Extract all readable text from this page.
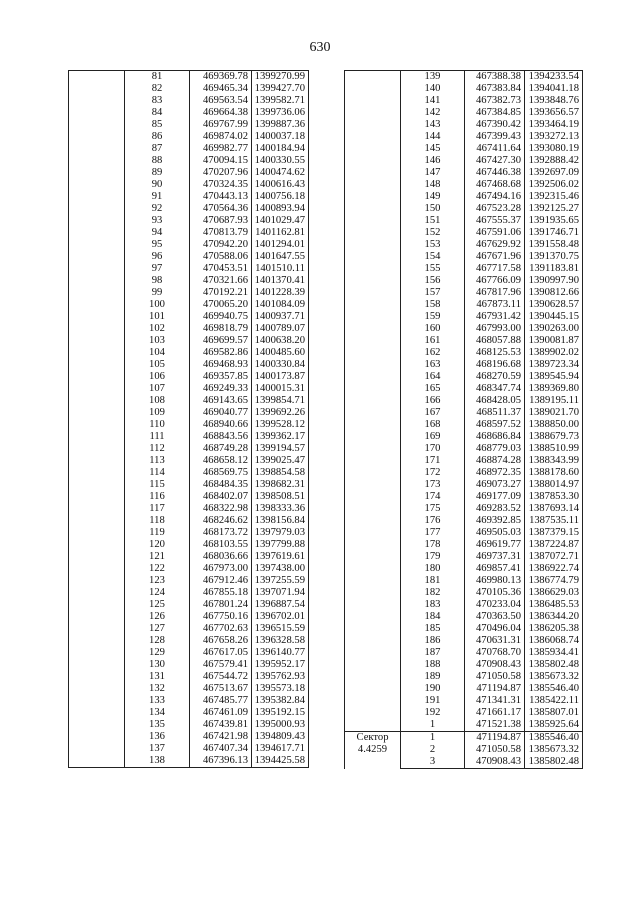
630
	81	469369.78	1399270.99
	82	469465.34	1399427.70
	83	469563.54	1399582.71
	84	469664.38	1399736.06
	85	469767.99	1399887.36
	86	469874.02	1400037.18
	87	469982.77	1400184.94
	88	470094.15	1400330.55
	89	470207.96	1400474.62
	90	470324.35	1400616.43
	91	470443.13	1400756.18
	92	470564.36	1400893.94
	93	470687.93	1401029.47
	94	470813.79	1401162.81
	95	470942.20	1401294.01
	96	470588.06	1401647.55
	97	470453.51	1401510.11
	98	470321.66	1401370.41
	99	470192.21	1401228.39
	100	470065.20	1401084.09
	101	469940.75	1400937.71
	102	469818.79	1400789.07
	103	469699.57	1400638.20
	104	469582.86	1400485.60
	105	469468.93	1400330.84
	106	469357.85	1400173.87
	107	469249.33	1400015.31
	108	469143.65	1399854.71
	109	469040.77	1399692.26
	110	468940.66	1399528.12
	111	468843.56	1399362.17
	112	468749.28	1399194.57
	113	468658.12	1399025.47
	114	468569.75	1398854.58
	115	468484.35	1398682.31
	116	468402.07	1398508.51
	117	468322.98	1398333.36
	118	468246.62	1398156.84
	119	468173.72	1397979.03
	120	468103.55	1397799.88
	121	468036.66	1397619.61
	122	467973.00	1397438.00
	123	467912.46	1397255.59
	124	467855.18	1397071.94
	125	467801.24	1396887.54
	126	467750.16	1396702.01
	127	467702.63	1396515.59
	128	467658.26	1396328.58
	129	467617.05	1396140.77
	130	467579.41	1395952.17
	131	467544.72	1395762.93
	132	467513.67	1395573.18
	133	467485.77	1395382.84
	134	467461.09	1395192.15
	135	467439.81	1395000.93
	136	467421.98	1394809.43
	137	467407.34	1394617.71
	138	467396.13	1394425.58
	139	467388.38	1394233.54
	140	467383.84	1394041.18
	141	467382.73	1393848.76
	142	467384.85	1393656.57
	143	467390.42	1393464.19
	144	467399.43	1393272.13
	145	467411.64	1393080.19
	146	467427.30	1392888.42
	147	467446.38	1392697.09
	148	467468.68	1392506.02
	149	467494.16	1392315.46
	150	467523.28	1392125.27
	151	467555.37	1391935.65
	152	467591.06	1391746.71
	153	467629.92	1391558.48
	154	467671.96	1391370.75
	155	467717.58	1391183.81
	156	467766.09	1390997.90
	157	467817.96	1390812.66
	158	467873.11	1390628.57
	159	467931.42	1390445.15
	160	467993.00	1390263.00
	161	468057.88	1390081.87
	162	468125.53	1389902.02
	163	468196.68	1389723.34
	164	468270.59	1389545.94
	165	468347.74	1389369.80
	166	468428.05	1389195.11
	167	468511.37	1389021.70
	168	468597.52	1388850.00
	169	468686.84	1388679.73
	170	468779.03	1388510.99
	171	468874.28	1388343.99
	172	468972.35	1388178.60
	173	469073.27	1388014.97
	174	469177.09	1387853.30
	175	469283.52	1387693.14
	176	469392.85	1387535.11
	177	469505.03	1387379.15
	178	469619.77	1387224.87
	179	469737.31	1387072.71
	180	469857.41	1386922.74
	181	469980.13	1386774.79
	182	470105.36	1386629.03
	183	470233.04	1386485.53
	184	470363.50	1386344.20
	185	470496.04	1386205.38
	186	470631.31	1386068.74
	187	470768.70	1385934.41
	188	470908.43	1385802.48
	189	471050.58	1385673.32
	190	471194.87	1385546.40
	191	471341.31	1385422.11
	192	471661.17	1385807.01
	1	471521.38	1385925.64

Сектор
4.4259	1	471194.87	1385546.40
	2	471050.58	1385673.32
	3	470908.43	1385802.48
